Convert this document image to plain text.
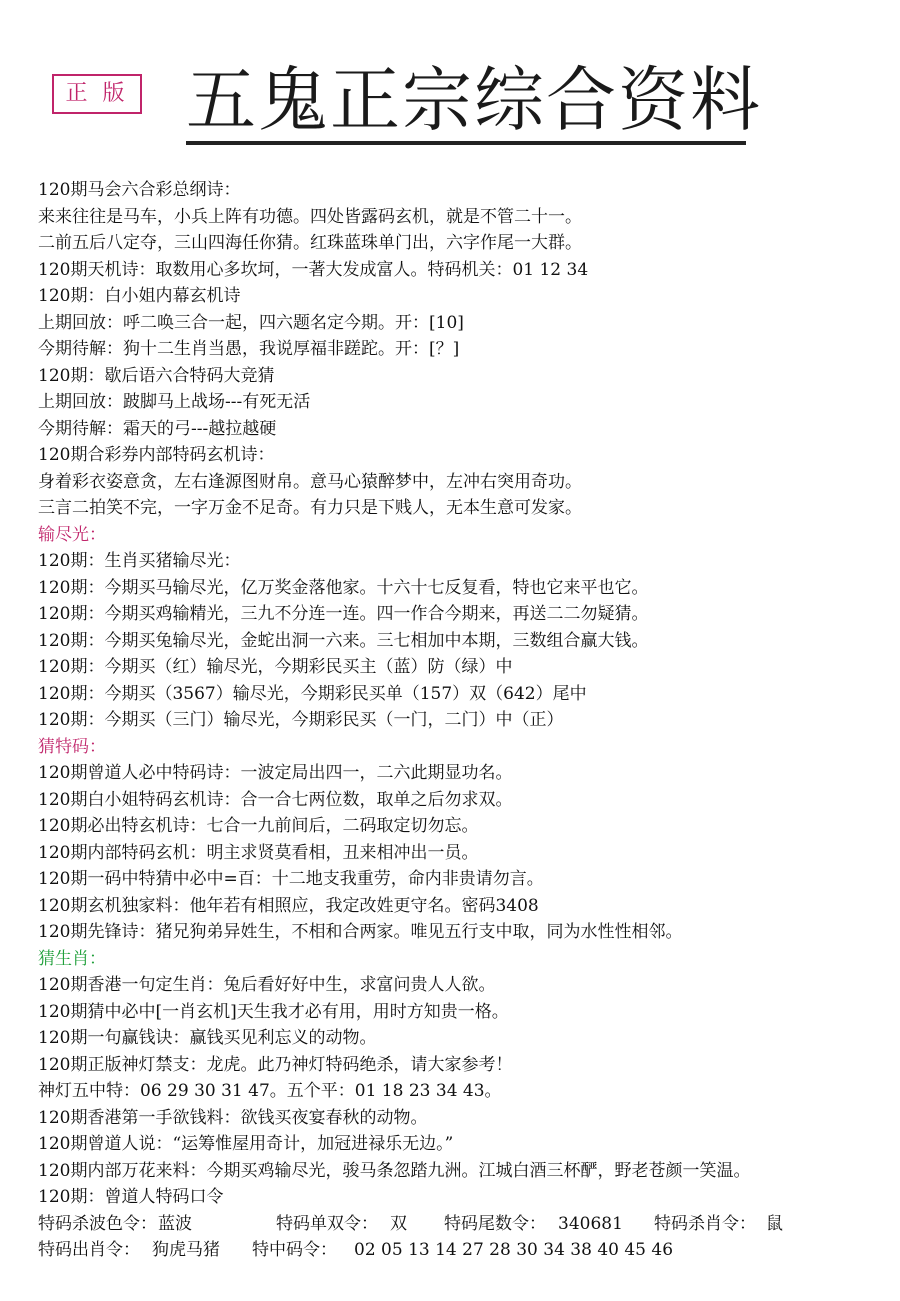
正 版 五鬼正宗综合资料
120期马会六合彩总纲诗：
来来往往是马车，小兵上阵有功德。四处皆露码玄机，就是不管二十一。
二前五后八定夺，三山四海任你猜。红珠蓝珠单门出，六字作尾一大群。
120期天机诗：取数用心多坎坷，一著大发成富人。特码机关：01 12 34
120期：白小姐内幕玄机诗
上期回放：呼二唤三合一起，四六题名定今期。开：[10]
今期待解：狗十二生肖当愚，我说厚福非蹉跎。开：[？]
120期：歇后语六合特码大竞猜
上期回放：跛脚马上战场---有死无活
今期待解：霜天的弓---越拉越硬
120期合彩券内部特码玄机诗：
身着彩衣姿意贪，左右逢源图财帛。意马心猿醉梦中，左冲右突用奇功。
三言二拍笑不完，一字万金不足奇。有力只是下贱人，无本生意可发家。
输尽光：
120期：生肖买猪输尽光：
120期：今期买马输尽光，亿万奖金落他家。十六十七反复看，特也它来平也它。
120期：今期买鸡输精光，三九不分连一连。四一作合今期来，再送二二勿疑猜。
120期：今期买兔输尽光，金蛇出洞一六来。三七相加中本期，三数组合赢大钱。
120期：今期买（红）输尽光，今期彩民买主（蓝）防（绿）中
120期：今期买（3567）输尽光，今期彩民买单（157）双（642）尾中
120期：今期买（三门）输尽光，今期彩民买（一门，二门）中（正）
猜特码：
120期曾道人必中特码诗：一波定局出四一，二六此期显功名。
120期白小姐特码玄机诗：合一合七两位数，取单之后勿求双。
120期必出特玄机诗：七合一九前间后，二码取定切勿忘。
120期内部特码玄机：明主求贤莫看相，丑来相冲出一员。
120期一码中特猜中必中=百：十二地支我重劳，命内非贵请勿言。
120期玄机独家料：他年若有相照应，我定改姓更守名。密码3408
120期先锋诗：猪兄狗弟异姓生，不相和合两家。唯见五行支中取，同为水性性相邻。
猜生肖：
120期香港一句定生肖：兔后看好好中生，求富问贵人人欲。
120期猜中必中[一肖玄机]天生我才必有用，用时方知贵一格。
120期一句赢钱诀：赢钱买见利忘义的动物。
120期正版神灯禁支：龙虎。此乃神灯特码绝杀，请大家参考！
神灯五中特：06 29 30 31 47。五个平：01 18 23 34 43。
120期香港第一手欲钱料：欲钱买夜宴春秋的动物。
120期曾道人说：“运筹惟屋用奇计，加冠进禄乐无边。”
120期内部万花来料：今期买鸡输尽光，骏马条忽踏九洲。江城白酒三杯酽，野老苍颜一笑温。
120期：曾道人特码口令
特码杀波色令： 蓝波	特码单双令： 双	特码尾数令： 340681	特码杀肖令： 鼠
特码出肖令： 狗虎马猪	特中码令：	02 05 13 14 27 28 30 34 38 40 45 46
